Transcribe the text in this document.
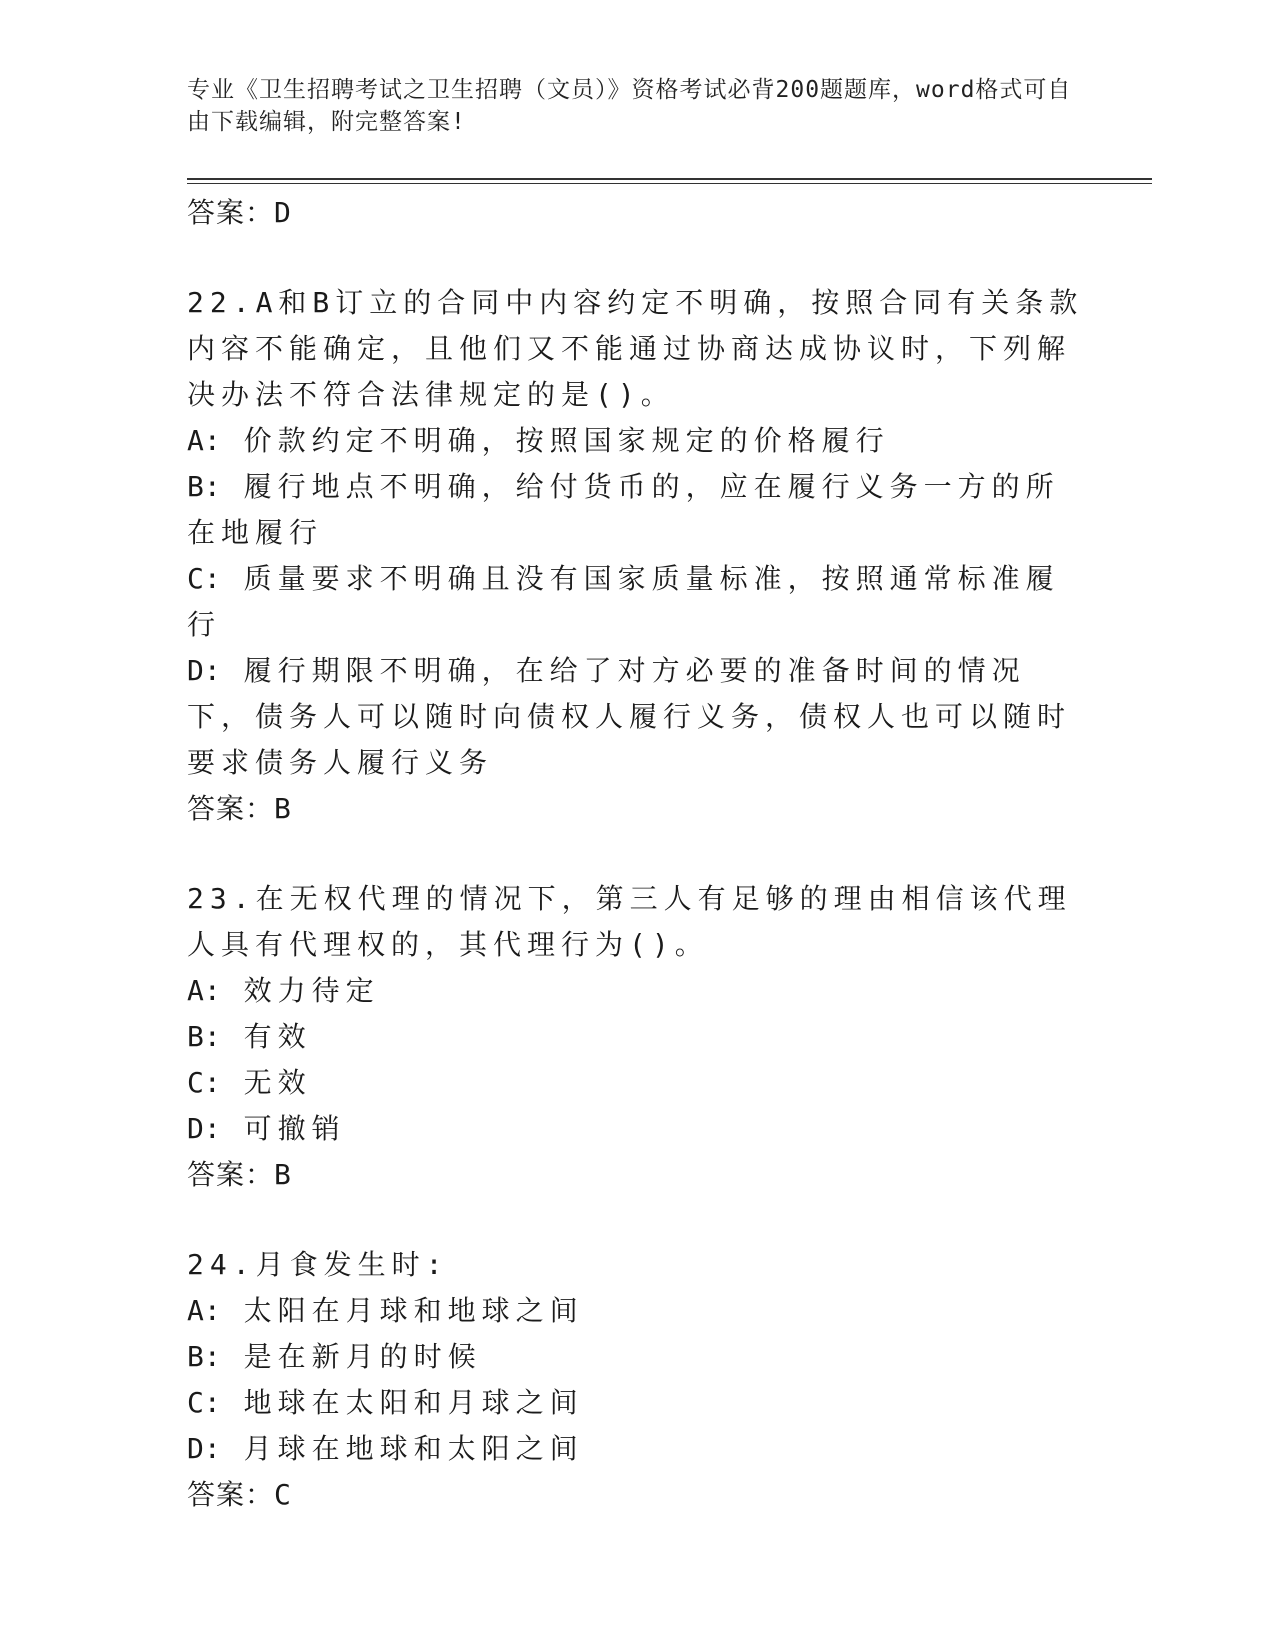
专业《卫生招聘考试之卫生招聘（文员）》资格考试必背200题题库，word格式可自由下载编辑，附完整答案!
答案：D
22.A和B订立的合同中内容约定不明确，按照合同有关条款内容不能确定，且他们又不能通过协商达成协议时，下列解决办法不符合法律规定的是()。
A: 价款约定不明确，按照国家规定的价格履行
B: 履行地点不明确，给付货币的，应在履行义务一方的所在地履行
C: 质量要求不明确且没有国家质量标准，按照通常标准履行
D: 履行期限不明确，在给了对方必要的准备时间的情况下，债务人可以随时向债权人履行义务，债权人也可以随时要求债务人履行义务
答案：B
23.在无权代理的情况下，第三人有足够的理由相信该代理人具有代理权的，其代理行为()。
A: 效力待定
B: 有效
C: 无效
D: 可撤销
答案：B
24.月食发生时:
A: 太阳在月球和地球之间
B: 是在新月的时候
C: 地球在太阳和月球之间
D: 月球在地球和太阳之间
答案：C
